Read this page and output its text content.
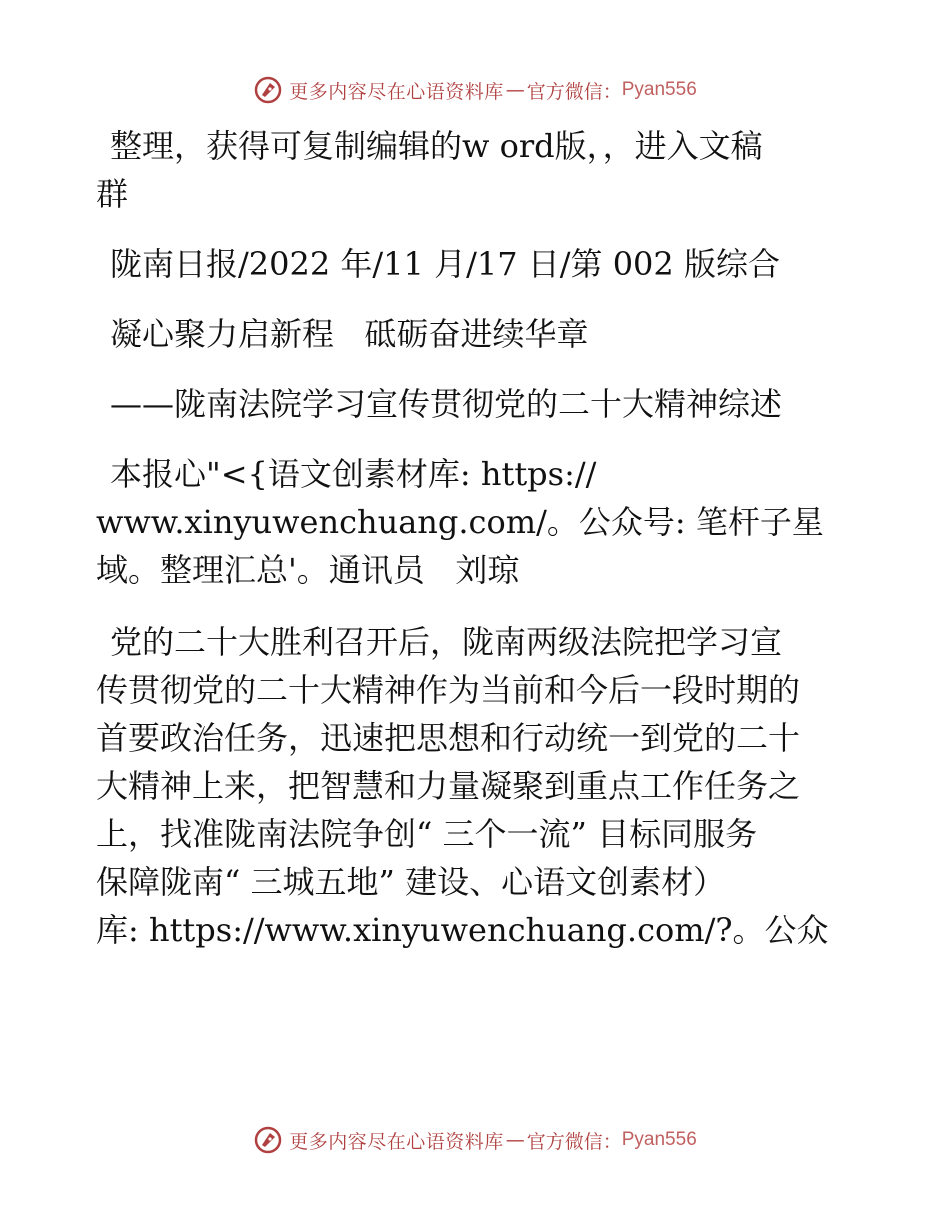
更多内容尽在心语资料库 — 官方微信： Pyan556

整理，获得可复制编辑的w ord版，，进入文稿

群

陇南日报/2022 年/11 月/17 日/第 002 版综合

凝心聚力启新程   砥砺奋进续华章

——陇南法院学习宣传贯彻党的二十大精神综述

本报心"<{语文创素材库: https://

www.xinyuwenchuang.com/。公众号: 笔杆子星

域。整理汇总'。通讯员   刘琼

党的二十大胜利召开后，陇南两级法院把学习宣

传贯彻党的二十大精神作为当前和今后一段时期的

首要政治任务，迅速把思想和行动统一到党的二十

大精神上来，把智慧和力量凝聚到重点工作任务之

上，找准陇南法院争创“ 三个一流” 目标同服务

保障陇南“ 三城五地” 建设、心语文创素材）

库: https://www.xinyuwenchuang.com/?。公众

更多内容尽在心语资料库 — 官方微信： Pyan556
